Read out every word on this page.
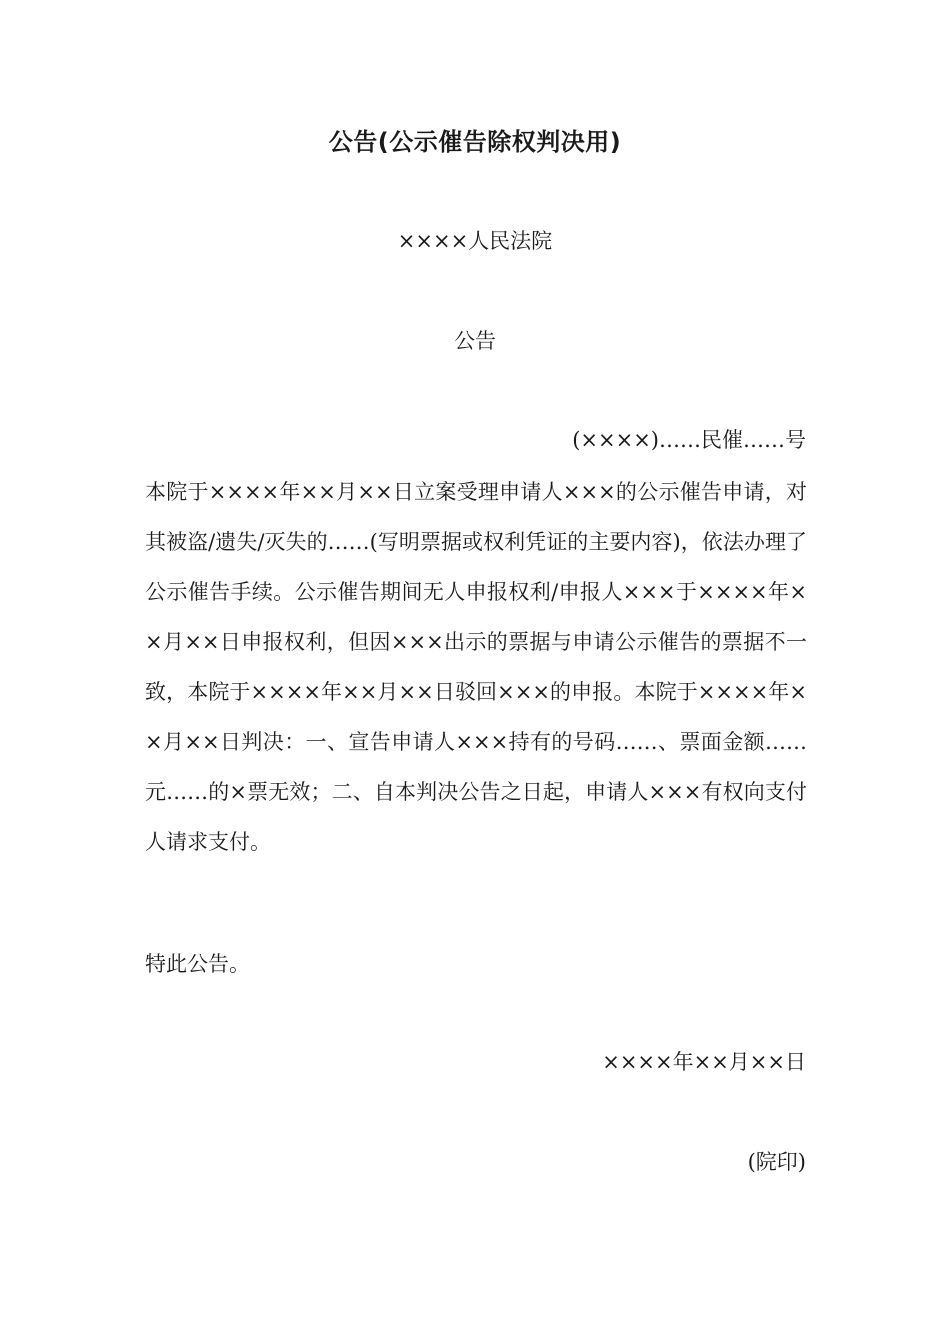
公告(公示催告除权判决用)
××××人民法院
公告
(××××)……民催……号
本院于××××年××月××日立案受理申请人×××的公示催告申请，对其被盗/遗失/灭失的……(写明票据或权利凭证的主要内容)，依法办理了公示催告手续。公示催告期间无人申报权利/申报人×××于××××年××月××日申报权利，但因×××出示的票据与申请公示催告的票据不一致，本院于××××年××月××日驳回×××的申报。本院于××××年××月××日判决：一、宣告申请人×××持有的号码……、票面金额……元……的×票无效；二、自本判决公告之日起，申请人×××有权向支付人请求支付。
特此公告。
××××年××月××日
(院印)
